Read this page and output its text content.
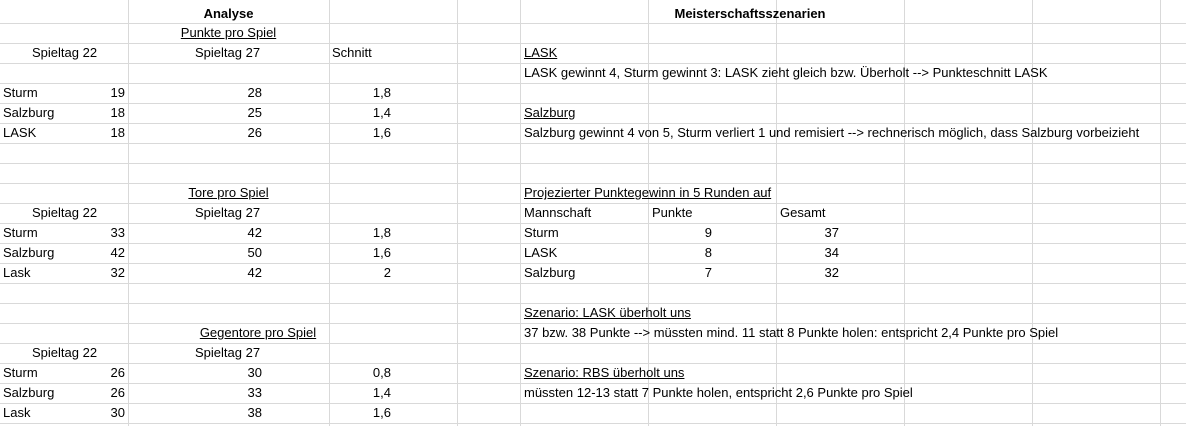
Analyse
Punkte pro Spiel
Spieltag 22	Spieltag 27	Schnitt
Sturm	19	28	1,8
Salzburg	18	25	1,4
LASK	18	26	1,6
Tore pro Spiel
Spieltag 22	Spieltag 27
Sturm	33	42	1,8
Salzburg	42	50	1,6
Lask	32	42	2
Gegentore pro Spiel
Spieltag 22	Spieltag 27
Sturm	26	30	0,8
Salzburg	26	33	1,4
Lask	30	38	1,6
Meisterschaftsszenarien
LASK
LASK gewinnt 4, Sturm gewinnt 3: LASK zieht gleich bzw. Überholt --> Punkteschnitt LASK
Salzburg
Salzburg gewinnt 4 von 5, Sturm verliert 1 und remisiert --> rechnerisch möglich, dass Salzburg vorbeizieht
Projezierter Punktegewinn in 5 Runden auf
Mannschaft	Punkte	Gesamt
Sturm	9	37
LASK	8	34
Salzburg	7	32
Szenario: LASK überholt uns
37 bzw. 38 Punkte --> müssten mind. 11 statt 8 Punkte holen: entspricht 2,4 Punkte pro Spiel
Szenario: RBS überholt uns
müssten 12-13 statt 7 Punkte holen, entspricht 2,6 Punkte pro Spiel
